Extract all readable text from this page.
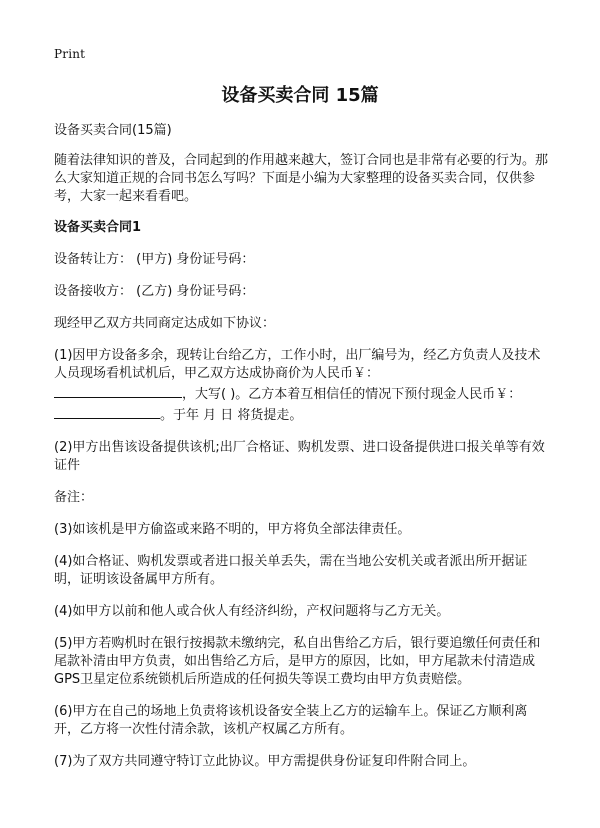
Print
设备买卖合同 15篇

设备买卖合同(15篇)

随着法律知识的普及，合同起到的作用越来越大，签订合同也是非常有必要的行为。那么大家知道正规的合同书怎么写吗？下面是小编为大家整理的设备买卖合同，仅供参考，大家一起来看看吧。

设备买卖合同1

设备转让方： (甲方) 身份证号码：

设备接收方： (乙方) 身份证号码：

现经甲乙双方共同商定达成如下协议：

(1)因甲方设备多余，现转让台给乙方，工作小时，出厂编号为，经乙方负责人及技术人员现场看机试机后，甲乙双方达成协商价为人民币￥：
，大写( )。乙方本着互相信任的情况下预付现金人民币￥：
。于年 月 日 将货提走。

(2)甲方出售该设备提供该机;出厂合格证、购机发票、进口设备提供进口报关单等有效证件

备注：

(3)如该机是甲方偷盗或来路不明的，甲方将负全部法律责任。

(4)如合格证、购机发票或者进口报关单丢失，需在当地公安机关或者派出所开据证明，证明该设备属甲方所有。

(4)如甲方以前和他人或合伙人有经济纠纷，产权问题将与乙方无关。

(5)甲方若购机时在银行按揭款未缴纳完，私自出售给乙方后，银行要追缴任何责任和尾款补清由甲方负责，如出售给乙方后，是甲方的原因，比如，甲方尾款未付清造成GPS卫星定位系统锁机后所造成的任何损失等误工费均由甲方负责赔偿。

(6)甲方在自己的场地上负责将该机设备安全装上乙方的运输车上。保证乙方顺利离开，乙方将一次性付清余款，该机产权属乙方所有。

(7)为了双方共同遵守特订立此协议。甲方需提供身份证复印件附合同上。
